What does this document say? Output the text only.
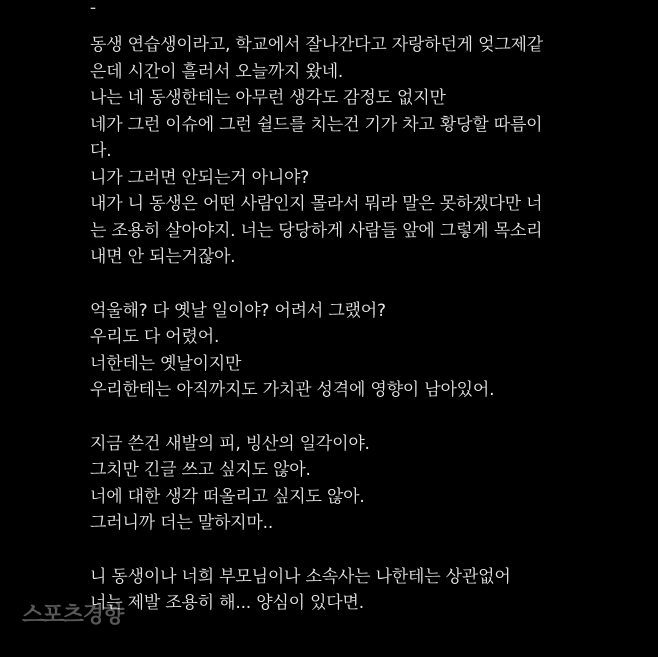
-
동생 연습생이라고, 학교에서 잘나간다고 자랑하던게 엊그제같
은데 시간이 흘러서 오늘까지 왔네.
나는 네 동생한테는 아무런 생각도 감정도 없지만
네가 그런 이슈에 그런 쉴드를 치는건 기가 차고 황당할 따름이
다.
니가 그러면 안되는거 아니야?
내가 니 동생은 어떤 사람인지 몰라서 뭐라 말은 못하겠다만 너
는 조용히 살아야지. 너는 당당하게 사람들 앞에 그렇게 목소리
내면 안 되는거잖아.
억울해? 다 옛날 일이야? 어려서 그랬어?
우리도 다 어렸어.
너한테는 옛날이지만
우리한테는 아직까지도 가치관 성격에 영향이 남아있어.
지금 쓴건 새발의 피, 빙산의 일각이야.
그치만 긴글 쓰고 싶지도 않아.
너에 대한 생각 떠올리고 싶지도 않아.
그러니까 더는 말하지마..
니 동생이나 너희 부모님이나 소속사는 나한테는 상관없어
너는 제발 조용히 해... 양심이 있다면.
스포츠경향
